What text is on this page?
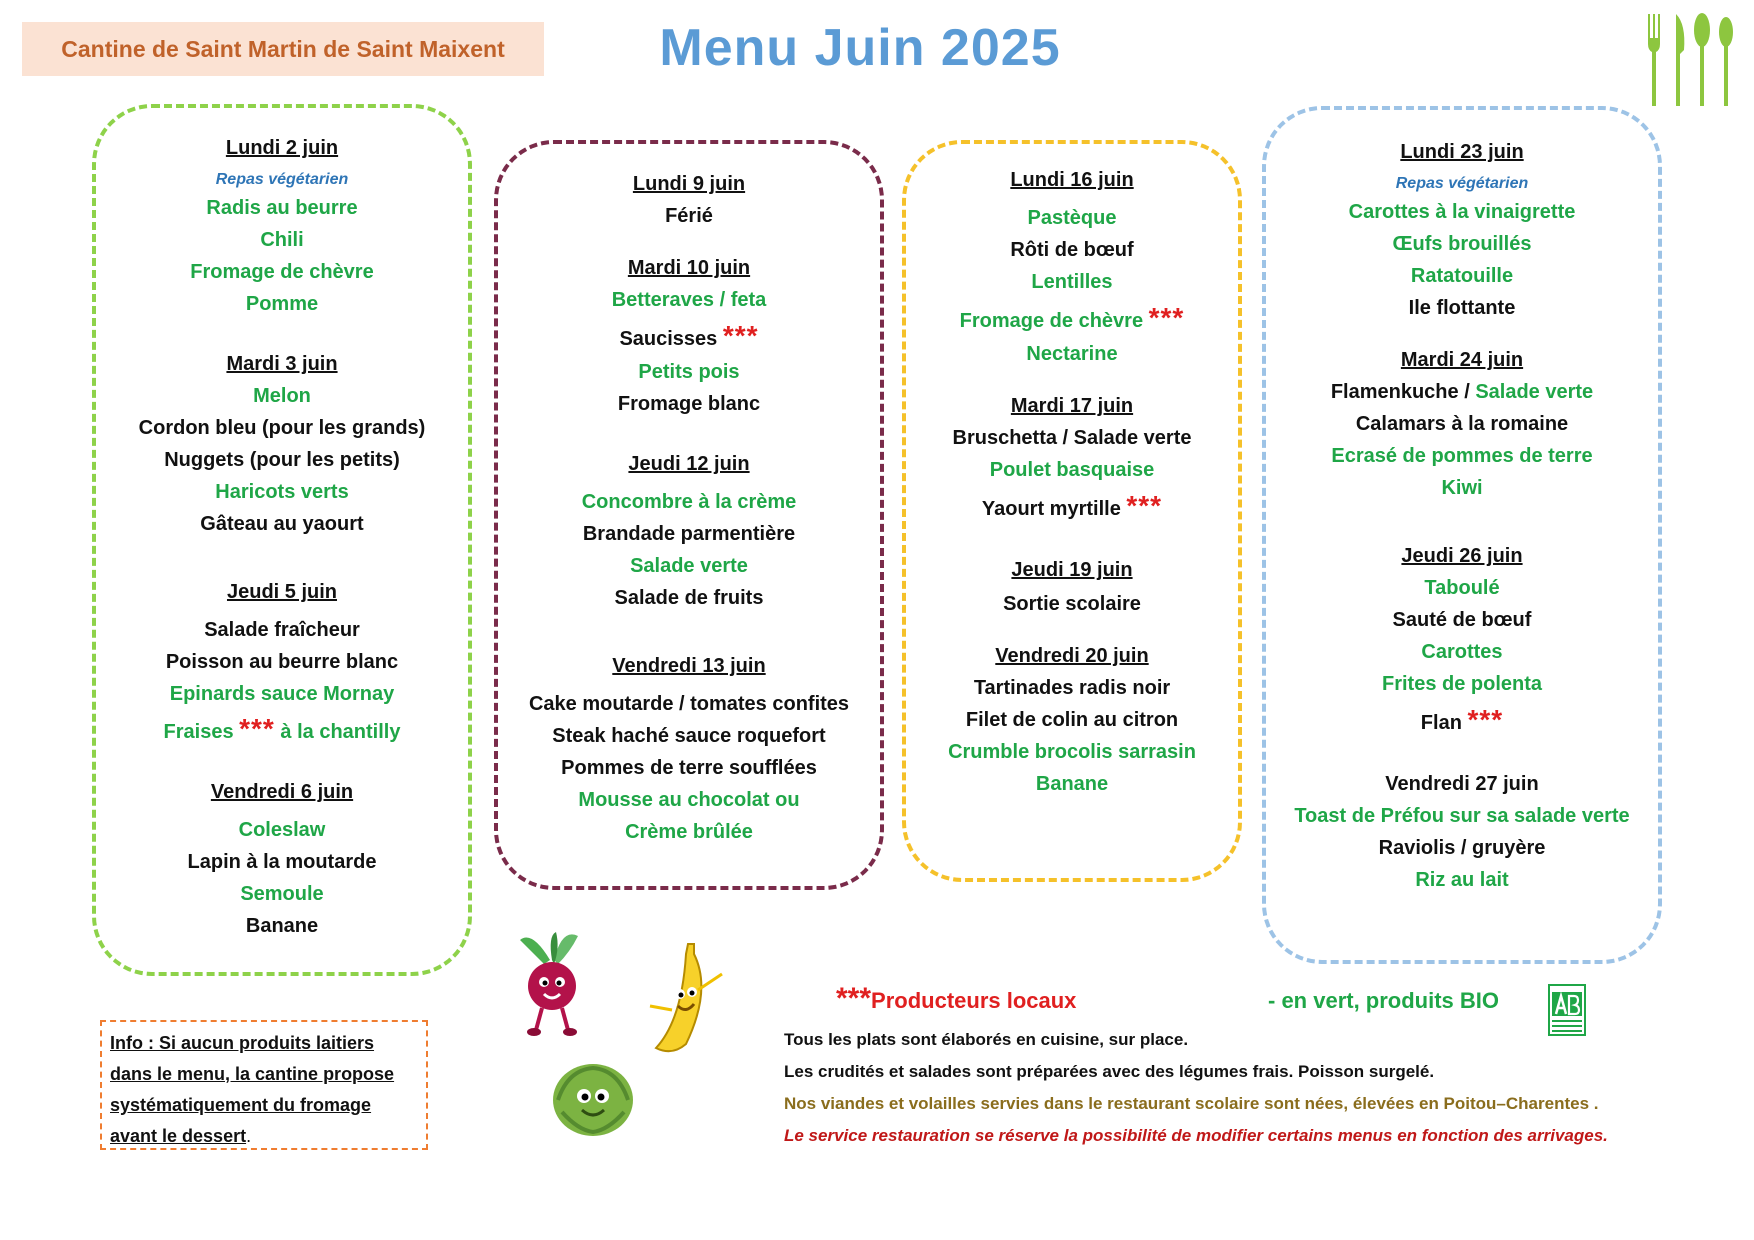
Cantine de Saint Martin de Saint Maixent	Menu Juin 2025
Lundi 2 juin
Repas végétarien
Radis au beurre
Chili
Fromage de chèvre
Pomme
Mardi 3 juin
Melon
Cordon bleu (pour les grands)
Nuggets (pour les petits)
Haricots verts
Gâteau au yaourt
Jeudi 5 juin
Salade fraîcheur
Poisson au beurre blanc
Epinards sauce Mornay
Fraises *** à la chantilly
Vendredi 6 juin
Coleslaw
Lapin à la moutarde
Semoule
Banane
Lundi 9 juin
Férié
Mardi 10 juin
Betteraves / feta
Saucisses ***
Petits pois
Fromage blanc
Jeudi 12 juin
Concombre à la crème
Brandade parmentière
Salade verte
Salade de fruits
Vendredi 13 juin
Cake moutarde / tomates confites
Steak haché sauce roquefort
Pommes de terre soufflées
Mousse au chocolat ou
Crème brûlée
Lundi 16 juin
Pastèque
Rôti de bœuf
Lentilles
Fromage de chèvre ***
Nectarine
Mardi 17 juin
Bruschetta / Salade verte
Poulet basquaise
Yaourt myrtille ***
Jeudi 19 juin
Sortie scolaire
Vendredi 20 juin
Tartinades radis noir
Filet de colin au citron
Crumble brocolis sarrasin
Banane
Lundi 23 juin
Repas végétarien
Carottes à la vinaigrette
Œufs brouillés
Ratatouille
Ile flottante
Mardi 24 juin
Flamenkuche / Salade verte
Calamars à la romaine
Ecrasé de pommes de terre
Kiwi
Jeudi 26 juin
Taboulé
Sauté de bœuf
Carottes
Frites de polenta
Flan ***
Vendredi 27 juin
Toast de Préfou sur sa salade verte
Raviolis / gruyère
Riz au lait
Info : Si aucun produits laitiers
dans le menu, la cantine propose
systématiquement du fromage
avant le dessert.
***Producteurs locaux	- en vert, produits BIO
Tous les plats sont élaborés en cuisine, sur place.
Les crudités et salades sont préparées avec des légumes frais. Poisson surgelé.
Nos viandes et volailles servies dans le restaurant scolaire sont nées, élevées en Poitou–Charentes .
Le service restauration se réserve la possibilité de modifier certains menus en fonction des arrivages.
